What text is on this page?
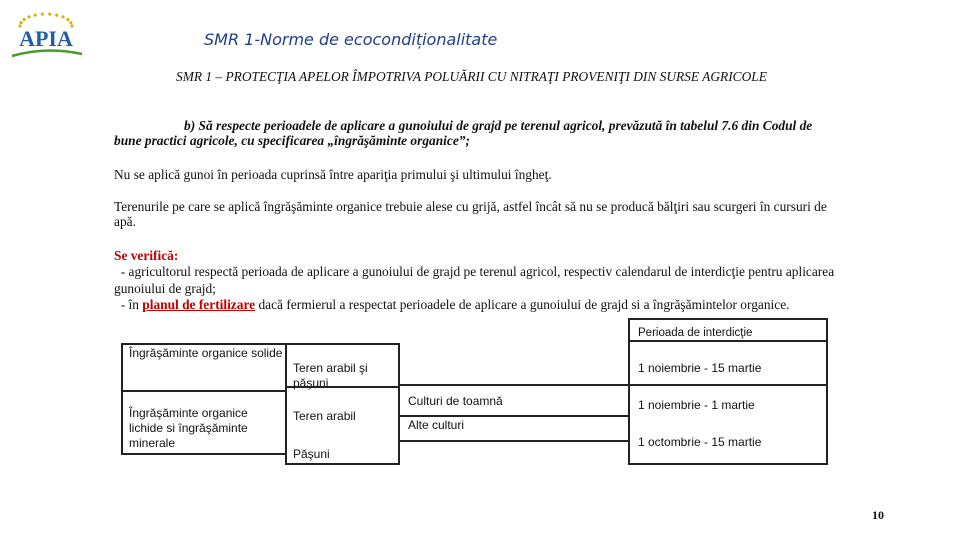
APIA	SMR 1-Norme de ecocondiționalitate
SMR 1 – PROTECŢIA APELOR ÎMPOTRIVA POLUĂRII CU NITRAŢI PROVENIŢI DIN SURSE AGRICOLE
b) Să respecte perioadele de aplicare a gunoiului de grajd pe terenul agricol, prevăzută în tabelul 7.6 din Codul de bune practici agricole, cu specificarea „îngrăşăminte organice”;
Nu se aplică gunoi în perioada cuprinsă între apariţia primului şi ultimului îngheţ.
Terenurile pe care se aplică îngrăşăminte organice trebuie alese cu grijă, astfel încât să nu se producă bălţiri sau scurgeri în cursuri de apă.
Se verifică:
- agricultorul respectă perioada de aplicare a gunoiului de grajd pe terenul agricol, respectiv calendarul de interdicţie pentru aplicarea gunoiului de grajd;
- în planul de fertilizare dacă fermierul a respectat perioadele de aplicare a gunoiului de grajd si a îngrăşămintelor organice.
Perioada de interdicţie
Îngrăşăminte organice solide
Îngrăşăminte organice lichide si îngrăşăminte minerale
Teren arabil şi păşuni
Teren arabil
Păşuni
Culturi de toamnă
Alte culturi
1 noiembrie - 15 martie
1 noiembrie - 1 martie
1 octombrie - 15 martie
10
